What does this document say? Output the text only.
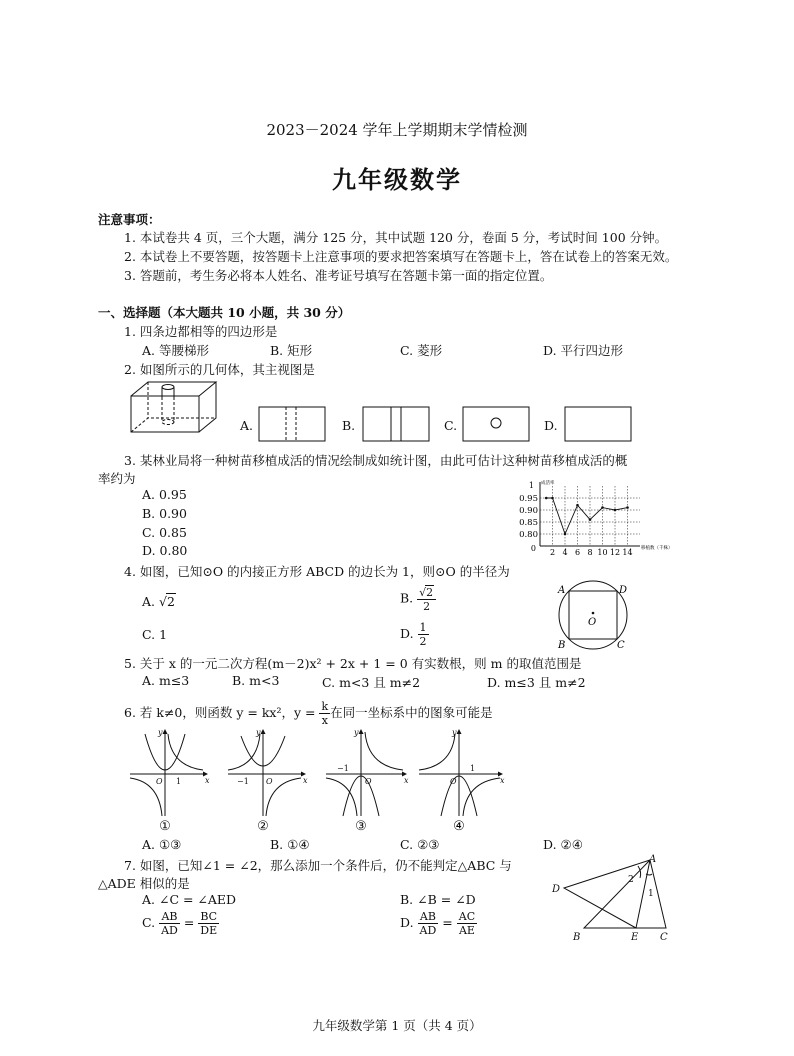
2023－2024 学年上学期期末学情检测
九年级数学
注意事项：
1. 本试卷共 4 页，三个大题，满分 125 分，其中试题 120 分，卷面 5 分，考试时间 100 分钟。
2. 本试卷上不要答题，按答题卡上注意事项的要求把答案填写在答题卡上，答在试卷上的答案无效。
3. 答题前，考生务必将本人姓名、准考证号填写在答题卡第一面的指定位置。
一、选择题（本大题共 10 小题，共 30 分）
1. 四条边都相等的四边形是
A. 等腰梯形	B. 矩形	C. 菱形	D. 平行四边形
2. 如图所示的几何体，其主视图是
A.	B.	C.	D.
3. 某林业局将一种树苗移植成活的情况绘制成如统计图，由此可估计这种树苗移植成活的概
率约为
A. 0.95
B. 0.90
C. 0.85
D. 0.80
成活率
1
0	移植数（千株）
0.95
0.90
0.85
0.80
2 4 6 8 10 12 14
4. 如图，已知⊙O 的内接正方形 ABCD 的边长为 1，则⊙O 的半径为
A. √2	B. $\frac{√2}{2}$
C. 1	D. $\frac{1}{2}$
A	D
B	C
O
5. 关于 x 的一元二次方程(m－2)x² + 2x + 1 = 0 有实数根，则 m 的取值范围是
A. m≤3	B. m<3	C. m<3 且 m≠2	D. m≤3 且 m≠2
6. 若 k≠0，则函数 y = kx²，$y = \frac{k}{x}$ 在同一坐标系中的图象可能是
y
x
O 1
y
x
O
−1
y
x
O
−1
①	②	③
y
x
O
1
④
A. ①③	B. ①④	C. ②③	D. ②④
7. 如图，已知∠1 = ∠2，那么添加一个条件后，仍不能判定△ABC 与
△ADE 相似的是
A. ∠C = ∠AED	B. ∠B = ∠D
C. $\frac{AB}{AD} = \frac{BC}{DE}$	D. $\frac{AB}{AD} = \frac{AC}{AE}$
A
D
B	E C
2
1
九年级数学第 1 页（共 4 页）
